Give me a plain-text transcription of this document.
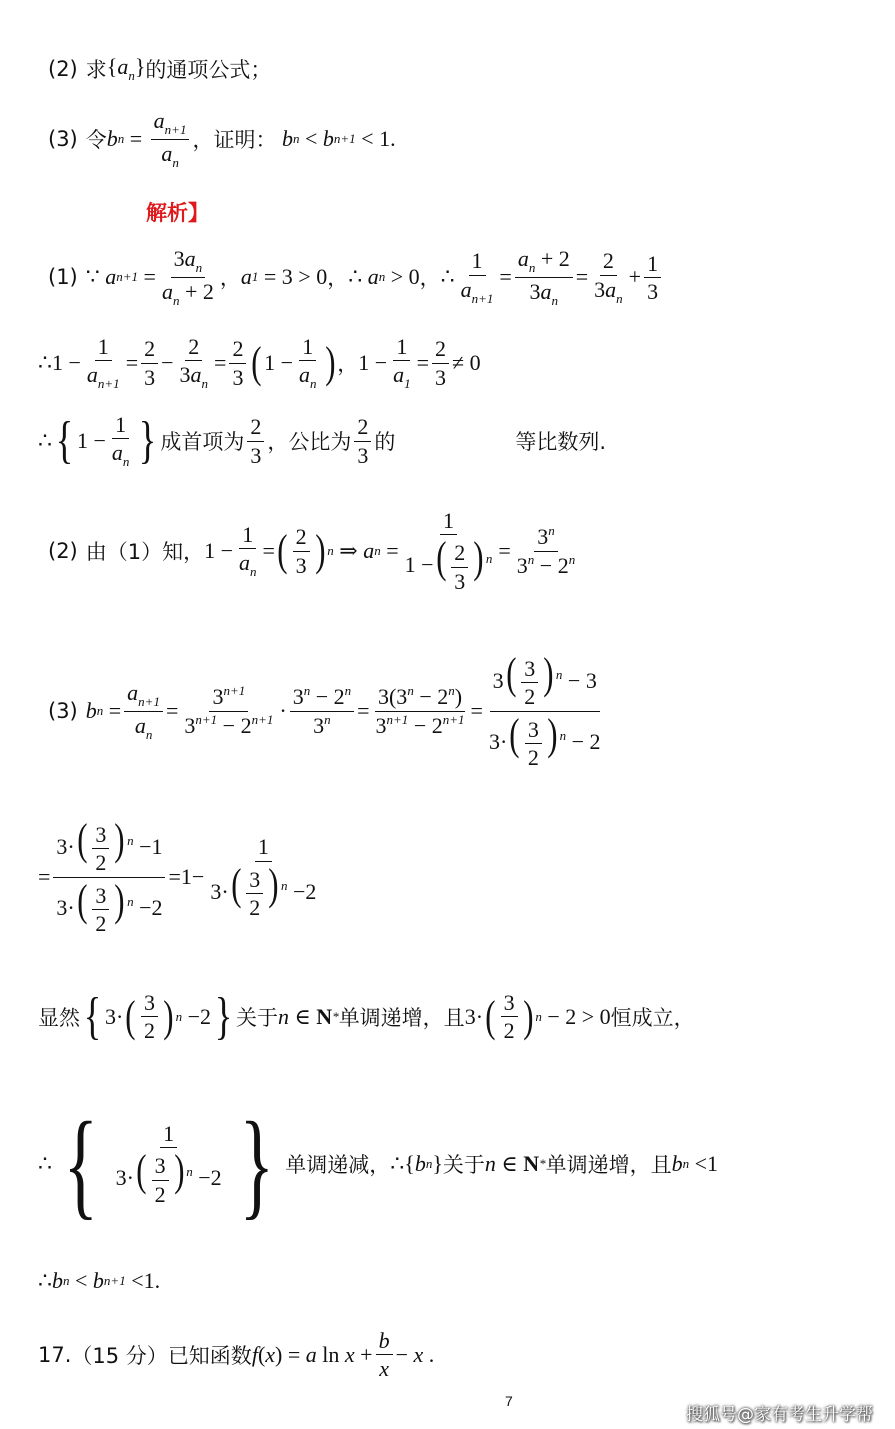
(2) 求 $\{a_n\}$ 的通项公式；
(3) 令 b $n = \frac{a_{n+1}}{a_n}$ ，证明： b n < b n+1 < 1.
解析】
(1) ∵ a $n+1 = \frac{3a_n}{a_n + 2}$ ， a 1 = 3 > 0 ， ∴ a n > 0 ， ∴ $\frac{1}{a_{n+1}} = \frac{a_n + 2}{3a_n} = \frac{2}{3a_n} + \frac{1}{3}$
∴1 − $\frac{1}{a_{n+1}} = \frac{2}{3} - \frac{2}{3a_n} = \frac{2}{3}$ ( $1 - \frac{1}{a_n}$ ) ， $1 - \frac{1}{a_1} = \frac{2}{3} \ne 0$
∴ { $1 - \frac{1}{a_n}$ } 成首项为 $\frac{2}{3}$ ，公比为 $\frac{2}{3}$ 的	等比数列.
(2) 由（1）知， $1 - \frac{1}{a_n}$ = ( $\frac{2}{3}$ ) n ⇒ a $n = \frac{1}{1 -( \frac{2}{3} ) ^n} = \frac{3^n}{3^n - 2^n}$
(3) b $n = \frac{a_{n+1}}{a_n} = \frac{3^{n+1}}{3^{n+1} - 2^{n+1}} \cdot \frac{3^n - 2^n}{3^n} = \frac{3(3^n - 2^n)}{3^{n+1} - 2^{n+1}} = \frac{3( \frac{3}{2} ) ^n - 3}{3\cdot( \frac{3}{2} ) ^n - 2}$
= $\frac{3\cdot( \frac{3}{2} ) ^n -1}{3\cdot( \frac{3}{2} ) ^n -2} =1- \frac{1}{3\cdot( \frac{3}{2} ) ^n -2}$
显然 { 3· ( $\frac{3}{2}$ ) n −2 } 关于 n ∈ N * 单调递增，且 3· ( $\frac{3}{2}$ ) n − 2 > 0 恒成立，
∴ { $\frac{1}{3\cdot( \frac{3}{2} ) ^n -2}$ } 单调递减， ∴{ b n } 关于 n ∈ N * 单调递增，且 b n <1
∴ b n < b n+1 <1.
17. （15 分） 已知函数 f ( x ) = a $\ln x + \frac{b}{x} - x$ .
7
搜狐号@家有考生升学帮
